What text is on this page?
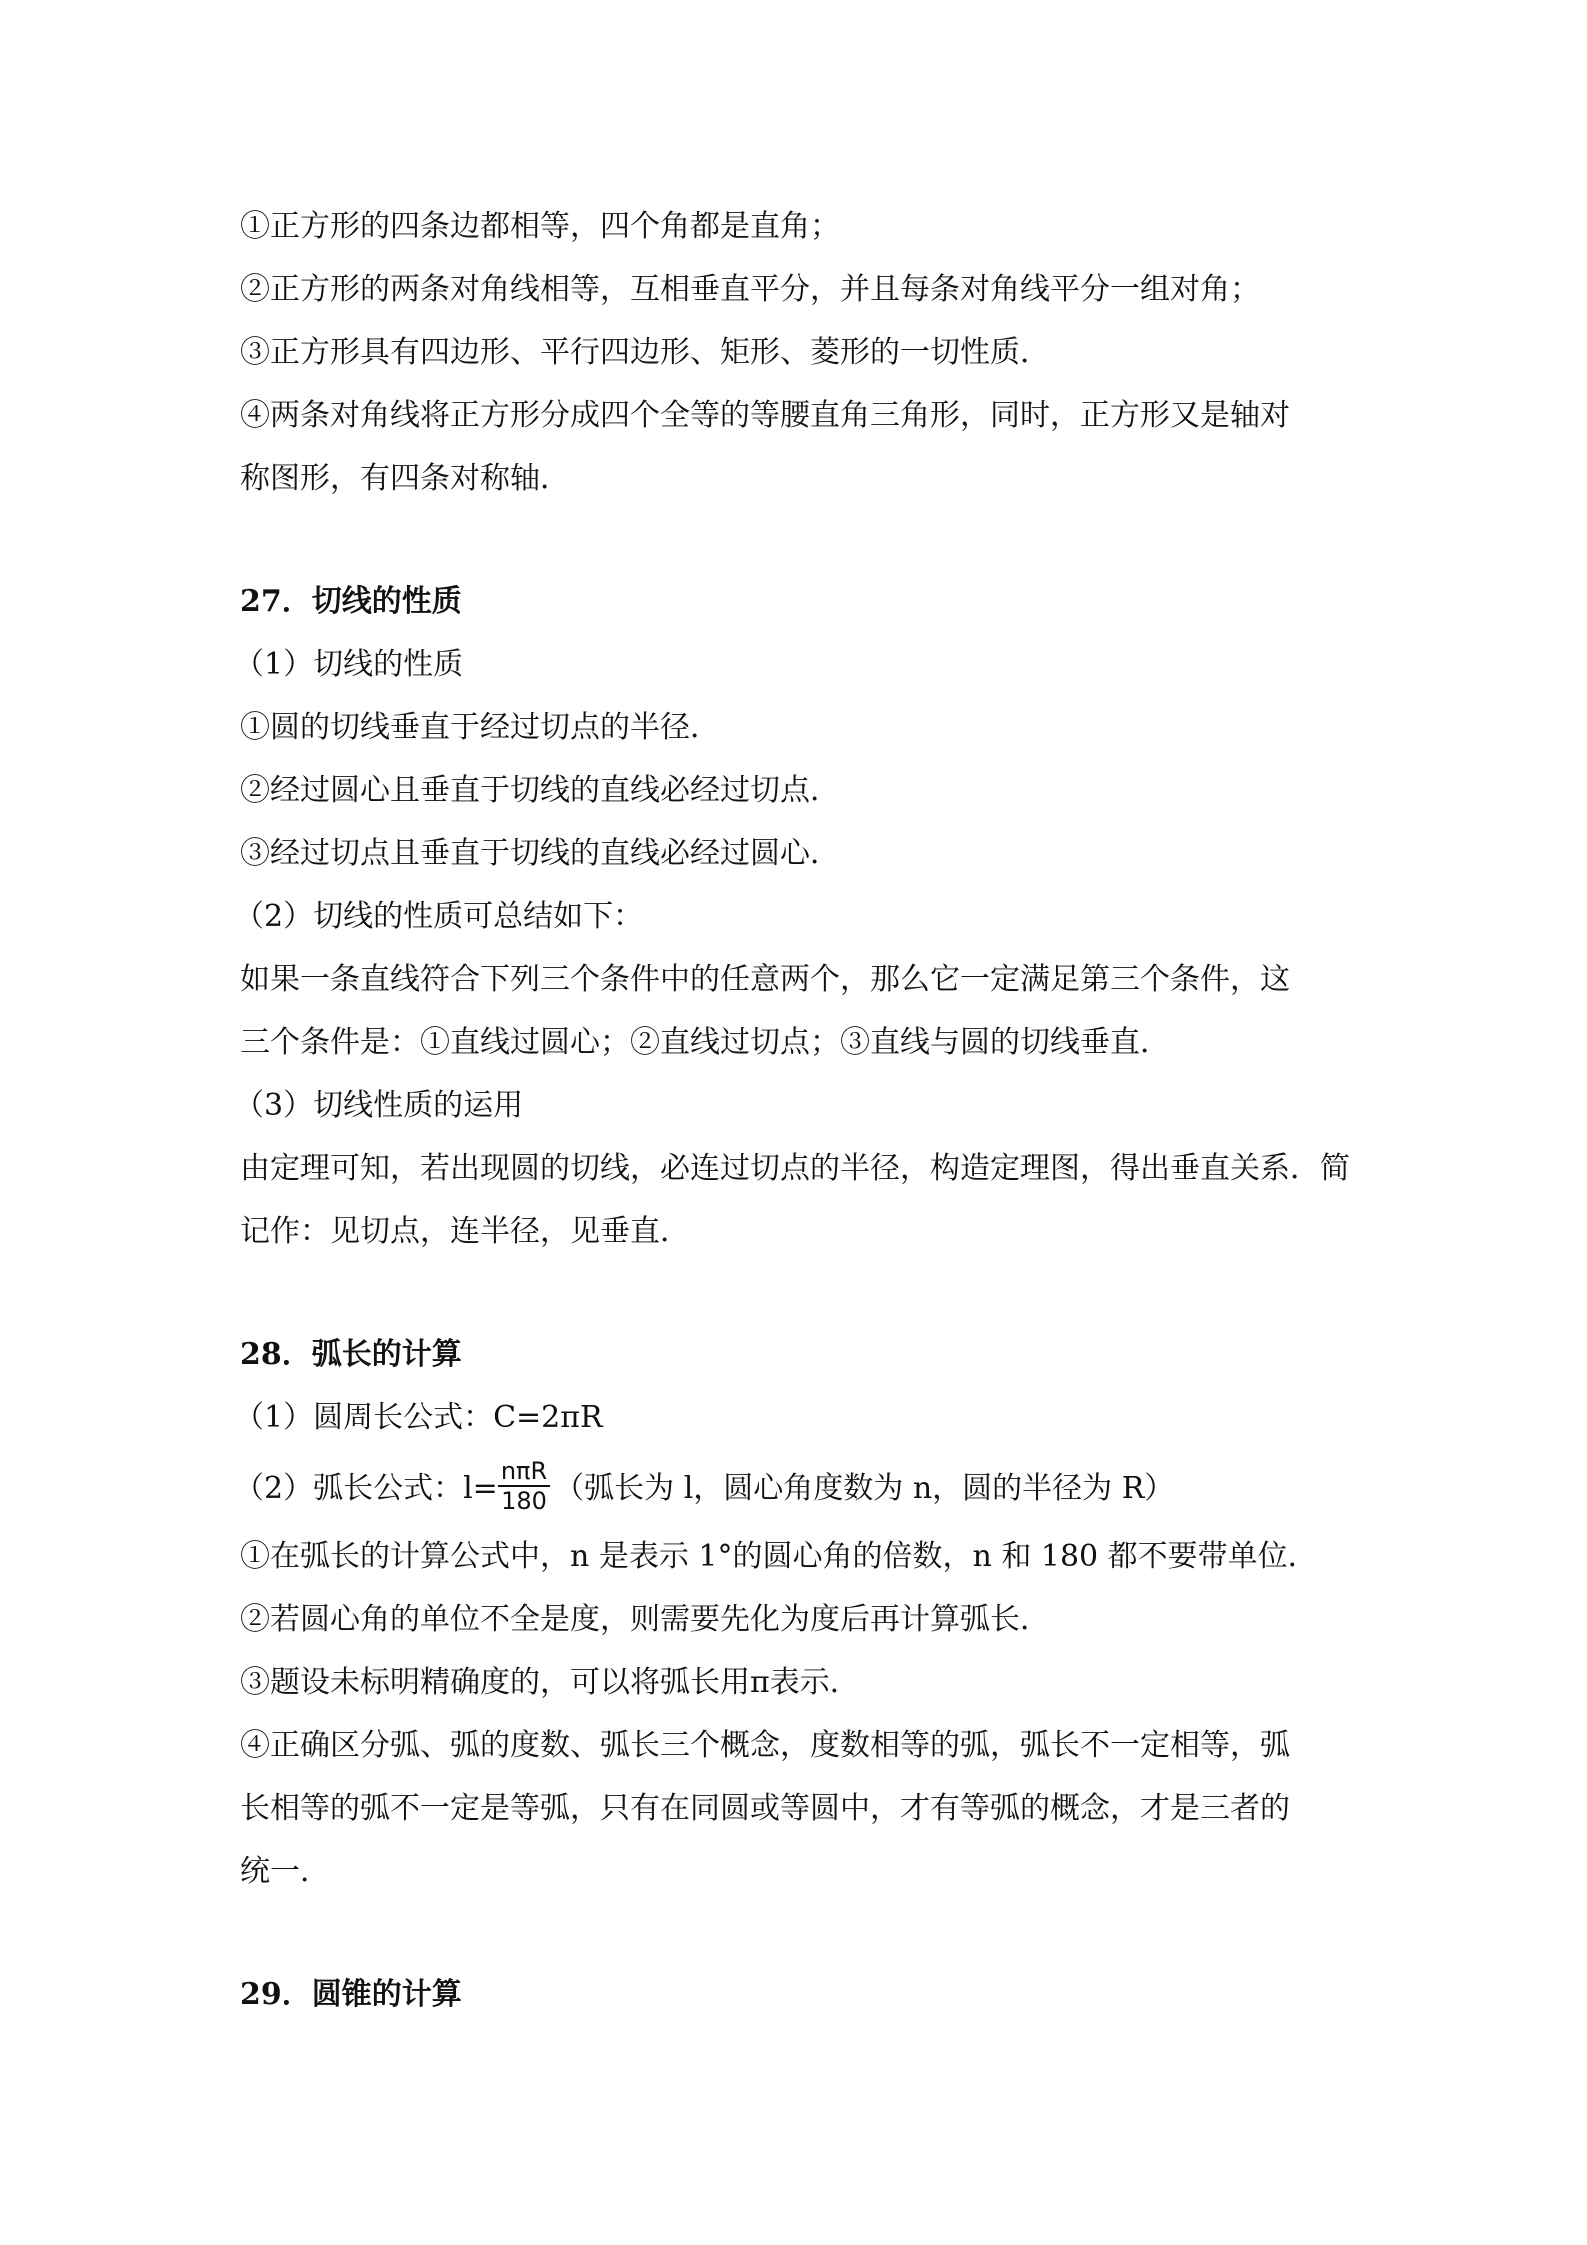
①正方形的四条边都相等，四个角都是直角；
②正方形的两条对角线相等，互相垂直平分，并且每条对角线平分一组对角；
③正方形具有四边形、平行四边形、矩形、菱形的一切性质．
④两条对角线将正方形分成四个全等的等腰直角三角形，同时，正方形又是轴对
称图形，有四条对称轴．
27．切线的性质
（1）切线的性质
①圆的切线垂直于经过切点的半径．
②经过圆心且垂直于切线的直线必经过切点．
③经过切点且垂直于切线的直线必经过圆心．
（2）切线的性质可总结如下：
如果一条直线符合下列三个条件中的任意两个，那么它一定满足第三个条件，这
三个条件是：①直线过圆心；②直线过切点；③直线与圆的切线垂直．
（3）切线性质的运用
由定理可知，若出现圆的切线，必连过切点的半径，构造定理图，得出垂直关系．简
记作：见切点，连半径，见垂直．
28．弧长的计算
（1）圆周长公式：C=2πR
（2）弧长公式：$l= \frac{\text{nπR}}{180}$ （弧长为 l，圆心角度数为 n，圆的半径为 R）
①在弧长的计算公式中，n 是表示 1°的圆心角的倍数，n 和 180 都不要带单位．
②若圆心角的单位不全是度，则需要先化为度后再计算弧长．
③题设未标明精确度的，可以将弧长用π表示．
④正确区分弧、弧的度数、弧长三个概念，度数相等的弧，弧长不一定相等，弧
长相等的弧不一定是等弧，只有在同圆或等圆中，才有等弧的概念，才是三者的
统一．
29．圆锥的计算
